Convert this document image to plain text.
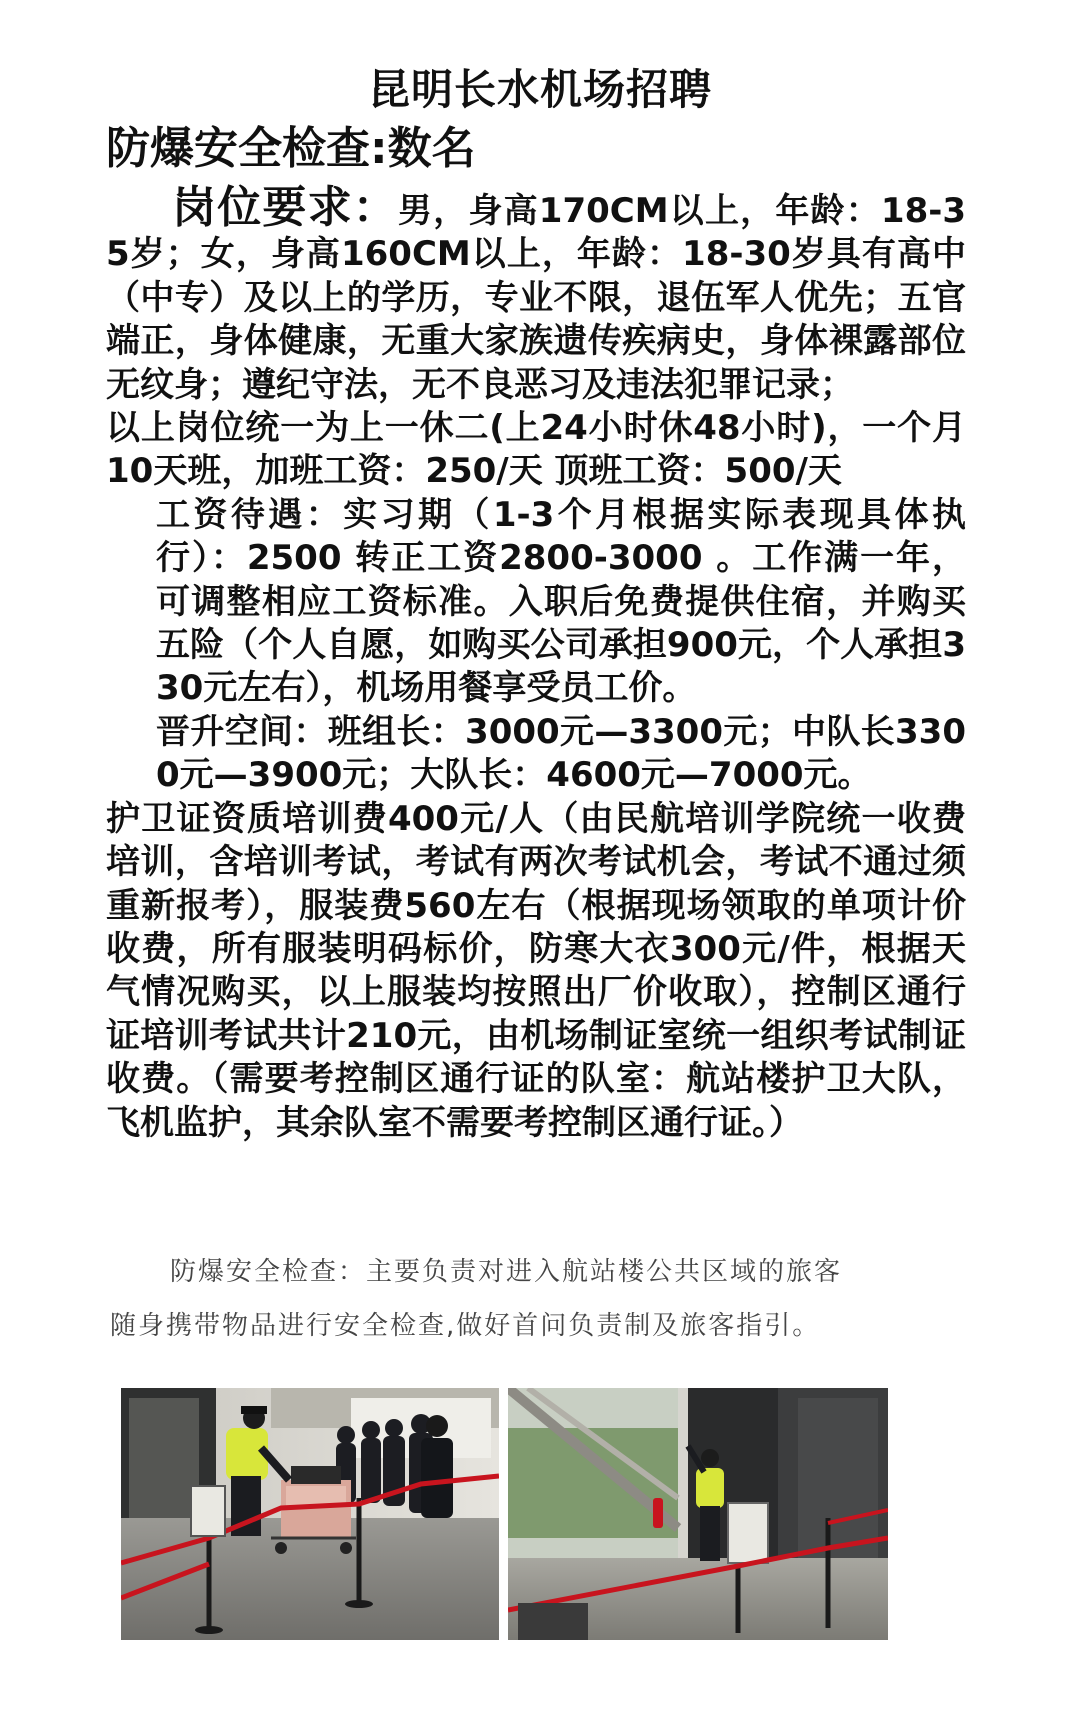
昆明长水机场招聘
防爆安全检查:数名

岗位要求：男，身高170CM以上，年龄：18-35岁；女，身高160CM以上，年龄：18-30岁具有高中（中专）及以上的学历，专业不限，退伍军人优先；五官端正，身体健康，无重大家族遗传疾病史，身体裸露部位无纹身；遵纪守法，无不良恶习及违法犯罪记录；

以上岗位统一为上一休二(上24小时休48小时)，一个月10天班，加班工资：250/天 顶班工资：500/天

工资待遇：实习期（1-3个月根据实际表现具体执行）：2500 转正工资2800-3000 。工作满一年，可调整相应工资标准。入职后免费提供住宿，并购买五险（个人自愿，如购买公司承担900元，个人承担330元左右），机场用餐享受员工价。

晋升空间：班组长：3000元—3300元；中队长3300元—3900元；大队长：4600元—7000元。

护卫证资质培训费400元/人（由民航培训学院统一收费培训，含培训考试，考试有两次考试机会，考试不通过须重新报考），服装费560左右（根据现场领取的单项计价收费，所有服装明码标价，防寒大衣300元/件，根据天气情况购买，以上服装均按照出厂价收取），控制区通行证培训考试共计210元，由机场制证室统一组织考试制证收费。（需要考控制区通行证的队室：航站楼护卫大队，飞机监护，其余队室不需要考控制区通行证。）

防爆安全检查：主要负责对进入航站楼公共区域的旅客

随身携带物品进行安全检查,做好首问负责制及旅客指引。
